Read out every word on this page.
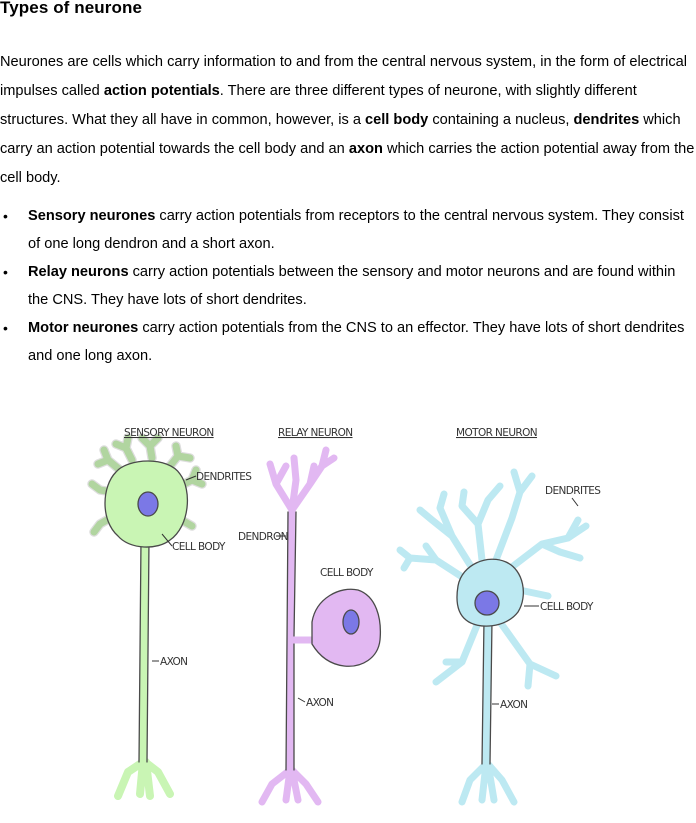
Types of neurone

Neurones are cells which carry information to and from the central nervous system, in the form of electrical impulses called action potentials. There are three different types of neurone, with slightly different structures. What they all have in common, however, is a cell body containing a nucleus, dendrites which carry an action potential towards the cell body and an axon which carries the action potential away from the cell body.

• Sensory neurones carry action potentials from receptors to the central nervous system. They consist of one long dendron and a short axon.
• Relay neurons carry action potentials between the sensory and motor neurons and are found within the CNS. They have lots of short dendrites.
• Motor neurones carry action potentials from the CNS to an effector. They have lots of short dendrites and one long axon.
SENSORY NEURON
DENDRITES
CELL BODY
AXON
RELAY NEURON
DENDRON
CELL BODY
AXON
MOTOR NEURON
DENDRITES
CELL BODY
AXON
